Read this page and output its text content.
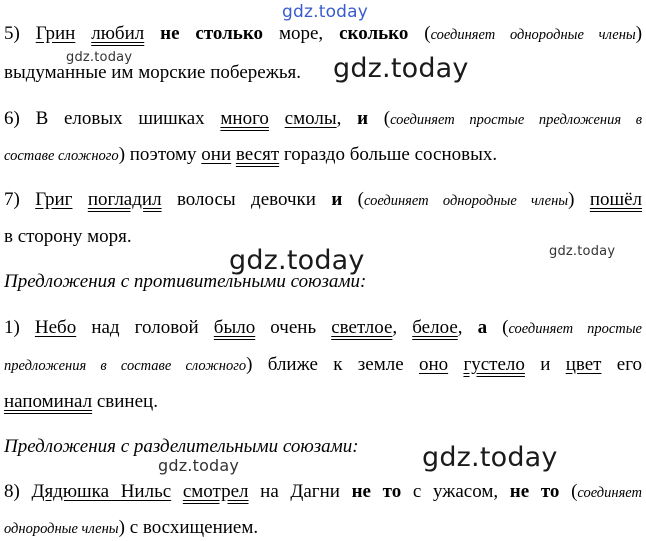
5) Грин любил не столько море, сколько (соединяет однородные члены)
выдуманные им морские побережья.
6) В еловых шишках много смолы, и (соединяет простые предложения в
составе сложного) поэтому они весят гораздо больше сосновых.
7) Григ погладил волосы девочки и (соединяет однородные члены) пошёл
в сторону моря.
Предложения с противительными союзами:
1) Небо над головой было очень светлое, белое, а (соединяет простые
предложения в составе сложного) ближе к земле оно густело и цвет его
напоминал свинец.
Предложения с разделительными союзами:
8) Дядюшка Нильс смотрел на Дагни не то с ужасом, не то (соединяет
однородные члены) с восхищением.
gdz.today
gdz.today	gdz.today
gdz.today
gdz.today
gdz.today	gdz.today
